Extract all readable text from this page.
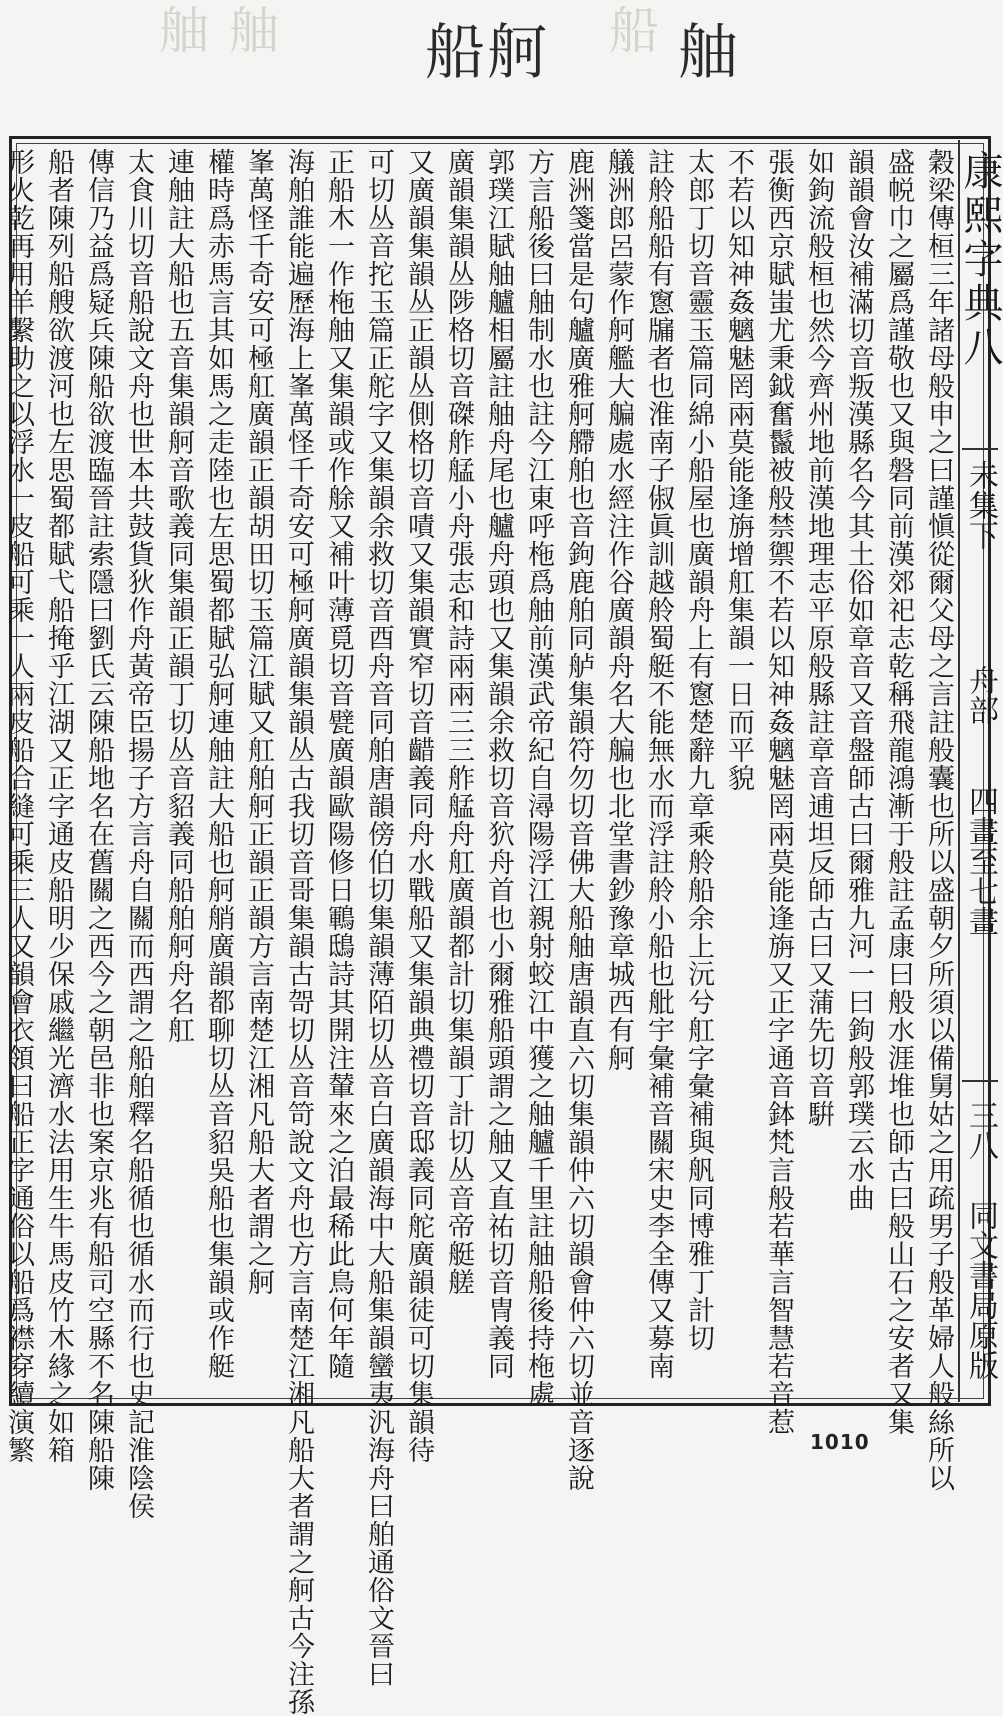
舳 舳	船
船舸 舳
穀梁傳桓三年諸母般申之曰謹愼從爾父母之言註般囊也所以盛朝夕所須以備舅姑之用疏男子般革婦人般絲所以
盛帨巾之屬爲謹敬也又與磐同前漢郊祀志乾稱飛龍鴻漸于般註孟康曰般水涯堆也師古曰般山石之安者又集
韻韻會汝補滿切音叛漢縣名今其土俗如章音又音盤師古曰爾雅九河一曰鉤般郭璞云水曲
如鉤流般桓也然今齊州地前漢地理志平原般縣註章音逋坦反師古曰又蒲先切音騈
張衡西京賦蚩尤秉鉞奮鬣被般禁禦不若以知神姦魑魅罔兩莫能逢旃又正字通音鉢梵言般若華言智慧若音惹
不若以知神姦魑魅罔兩莫能逢旃增舡集韻一日而平貌
太郎丁切音靈玉篇同綿小船屋也廣韻舟上有窻楚辭九章乘舲船余上沅兮舡字彙補與舤同博雅丁計切
註舲船船有窻牖者也淮南子俶眞訓越舲蜀艇不能無水而浮註舲小船也舭宇彙補音關宋史李全傳又募南
艤洲郎呂蒙作舸艦大艑處水經注作谷廣韻舟名大艑也北堂書鈔豫章城西有舸
鹿洲箋當是句艫廣雅舸艜舶也音鉤鹿舶同舻集韻符勿切音佛大船舳唐韻直六切集韻仲六切韻會仲六切並音逐說
方言船後曰舳制水也註今江東呼柂爲舳前漢武帝紀自潯陽浮江親射蛟江中獲之舳艫千里註舳船後持柂處
郭璞江賦舳艫相屬註舳舟尾也艫舟頭也又集韻余救切音狖舟首也小爾雅船頭謂之舳又直祐切音冑義同
廣韻集韻丛陟格切音磔舴艋小舟張志和詩兩兩三三舴艋舟舡廣韻都計切集韻丁計切丛音帝艇艖
又廣韻集韻丛正韻丛側格切音嘖又集韻實窄切音齰義同舟水戰船又集韻典禮切音邸義同舵廣韻徒可切集韻待
可切丛音拕玉篇正舵字又集韻余救切音酉舟音同舶唐韻傍伯切集韻薄陌切丛音白廣韻海中大船集韻蠻夷汎海舟曰舶通俗文晉曰
正船木一作柂舳又集韻或作艅又補叶薄覓切音甓廣韻歐陽修日鶤鴟詩其開注輦來之泊最稀此鳥何年隨
海舶誰能遍歷海上峯萬怪千奇安可極舸廣韻集韻丛古我切音哥集韻古哿切丛音笴說文舟也方言南楚江湘凡船大者謂之舸古今注孫
峯萬怪千奇安可極舡廣韻正韻胡田切玉篇江賦又舡舶舸正韻正韻方言南楚江湘凡船大者謂之舸
權時爲赤馬言其如馬之走陸也左思蜀都賦弘舸連舳註大船也舸艄廣韻都聊切丛音貂吳船也集韻或作艇
連舳註大船也五音集韻舸音歌義同集韻正韻丁切丛音貂義同船舶舸舟名舡
太食川切音船說文舟也世本共鼓貨狄作舟黃帝臣揚子方言舟自關而西謂之船舶釋名船循也循水而行也史記淮陰侯
傳信乃益爲疑兵陳船欲渡臨晉註索隱曰劉氏云陳船地名在舊關之西今之朝邑非也案京兆有船司空縣不名陳船陳
船者陳列船艘欲渡河也左思蜀都賦弋船掩乎江湖又正字通皮船明少保戚繼光濟水法用生牛馬皮竹木緣之如箱
形火乾再用羊繫助之以浮水一皮船可乘一人兩皮船合縫可乘三人又韻會衣領曰船正字通俗以船爲襟穿續演繁	康熙字典八
未集下
舟部
四畫至七畫
三八
同文書局原版
1010
